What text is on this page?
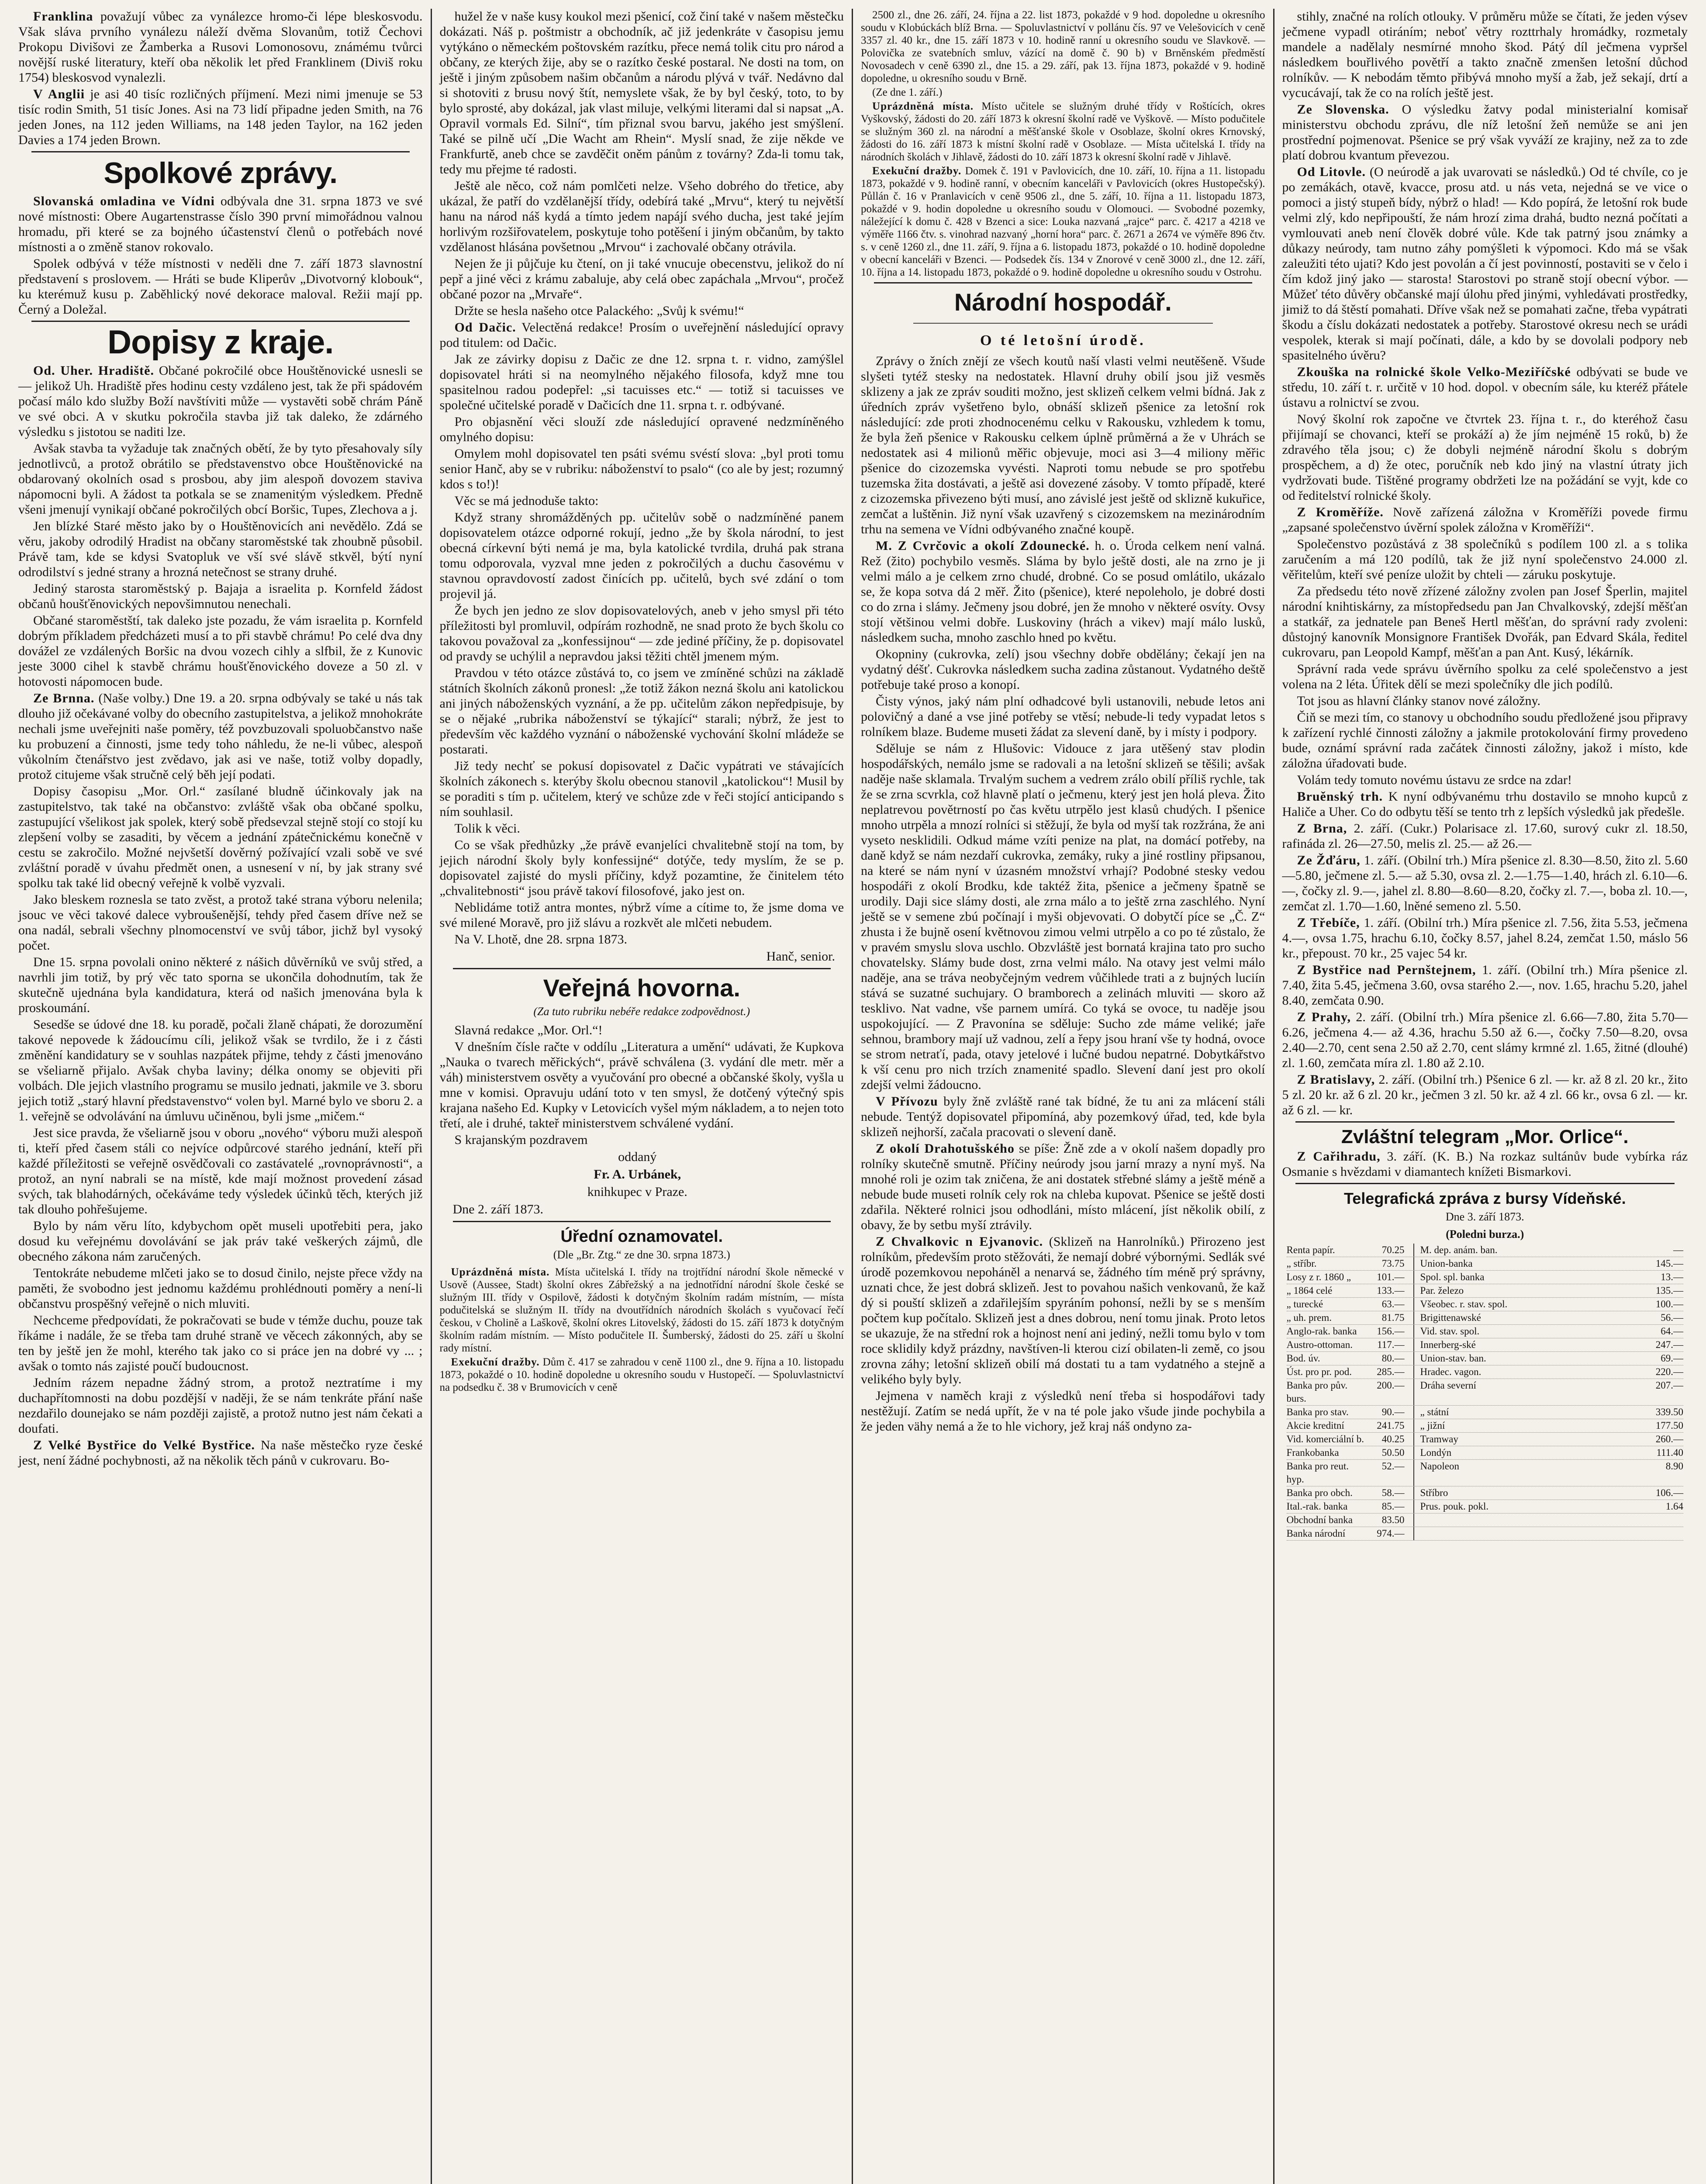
Franklina považují vůbec za vynálezce hromo-či lépe bleskosvodu. Však sláva prvního vynálezu náleží dvěma Slovanům, totiž Čechovi Prokopu Divišovi ze Žamberka a Rusovi Lomonosovu, známému tvůrci novější ruské literatury, kteří oba několik let před Franklinem (Diviš roku 1754) bleskosvod vynalezli.

V Anglii je asi 40 tisíc rozličných příjmení. Mezi nimi jmenuje se 53 tisíc rodin Smith, 51 tisíc Jones. Asi na 73 lidí připadne jeden Smith, na 76 jeden Jones, na 112 jeden Williams, na 148 jeden Taylor, na 162 jeden Davies a 174 jeden Brown.

Spolkové zprávy.

Slovanská omladina ve Vídni odbývala dne 31. srpna 1873 ve své nové místnosti: Obere Augartenstrasse číslo 390 první mimořádnou valnou hromadu, při které se za bojného účastenství členů o potřebách nové místnosti a o změně stanov rokovalo.

Spolek odbývá v téže místnosti v neděli dne 7. září 1873 slavnostní představení s proslovem. — Hráti se bude Kliperův „Divotvorný klobouk“, ku kterémuž kusu p. Zaběhlický nové dekorace maloval. Režii mají pp. Černý a Doležal.

Dopisy z kraje.

Od. Uher. Hradiště. Občané pokročilé obce Houštěnovické usnesli se — jelikož Uh. Hradiště přes hodinu cesty vzdáleno jest, tak že při spádovém počasí málo kdo služby Boží navštíviti může — vystavěti sobě chrám Páně ve své obci. A v skutku pokročila stavba již tak daleko, že zdárného výsledku s jistotou se naditi lze.

Avšak stavba ta vyžaduje tak značných obětí, že by tyto přesahovaly síly jednotlivců, a protož obrátilo se představenstvo obce Houštěnovické na obdarovaný okolních osad s prosbou, aby jim alespoň dovozem staviva nápomocni byli. A žádost ta potkala se se znamenitým výsledkem. Předně všeni jmenují vynikají občané pokročilých obcí Boršic, Tupes, Zlechova a j.

Jen blízké Staré město jako by o Houštěnovicích ani nevědělo. Zdá se věru, jakoby odrodilý Hradist na občany staroměstské tak zhoubně působil. Právě tam, kde se kdysi Svatopluk ve vší své slávě stkvěl, býtí nyní odrodilství s jedné strany a hrozná netečnost se strany druhé.

Jediný starosta staroměstský p. Bajaja a israelita p. Kornfeld žádost občanů houšťěnovických nepovšimnutou nenechali.

Občané staroměstští, tak daleko jste pozadu, že vám israelita p. Kornfeld dobrým příkladem předcházeti musí a to při stavbě chrámu! Po celé dva dny dovážel ze vzdálených Boršic na dvou vozech cihly a slfbil, že z Kunovic jeste 3000 cihel k stavbě chrámu houšťěnovického doveze a 50 zl. v hotovosti nápomocen bude.

Ze Brnna. (Naše volby.) Dne 19. a 20. srpna odbývaly se také u nás tak dlouho již očekávané volby do obecního zastupitelstva, a jelikož mnohokráte nechali jsme uveřejniti naše poměry, též povzbuzovali spoluobčanstvo naše ku probuzení a činnosti, jsme tedy toho náhledu, že ne-li vůbec, alespoň vůkolním čtenářstvo jest zvědavo, jak asi ve naše, totiž volby dopadly, protož citujeme však stručně celý běh její podati.

Dopisy časopisu „Mor. Orl.“ zasílané bludně účinkovaly jak na zastupitelstvo, tak také na občanstvo: zvláště však oba občané spolku, zastupující všelikost jak spolek, který sobě předsevzal stejně stojí co stojí ku zlepšení volby se zasaditi, by věcem a jednání zpátečnickému konečně v cestu se zakročilo. Možné nejvšetší dověrný požívající vzali sobě ve své zvláštní poradě v úvahu předmět onen, a usnesení v ní, by jak strany své spolku tak také lid obecný veřejně k volbě vyzvali.

Jako bleskem roznesla se tato zvěst, a protož také strana výboru nelenila; jsouc ve věci takové dalece vybroušenější, tehdy před časem dříve než se ona nadál, sebrali všechny plnomocenství ve svůj tábor, jichž byl vysoký počet.

Dne 15. srpna povolali onino některé z nášich důvěrníků ve svůj střed, a navrhli jim totiž, by prý věc tato sporna se ukončila dohodnutím, tak že skutečně ujednána byla kandidatura, která od našich jmenována byla k proskoumání.

Sesedše se údové dne 18. ku poradě, počali žlaně chápati, že dorozumění takové nepovede k žádoucímu cíli, jelikož však se tvrdilo, že i z části změnění kandidatury se v souhlas nazpátek přijme, tehdy z části jmenováno se všeliarně přijalo. Avšak chyba laviny; délka onomy se objeviti při volbách. Dle jejich vlastního programu se musilo jednati, jakmile ve 3. sboru jejich totiž „starý hlavní představenstvo“ volen byl. Marné bylo ve sboru 2. a 1. veřejně se odvolávání na úmluvu učiněnou, byli jsme „mičem.“

Jest sice pravda, že všeliarně jsou v oboru „nového“ výboru muži alespoň ti, kteří před časem stáli co nejvíce odpůrcové starého jednání, kteří při každé příležitosti se veřejně osvědčovali co zastávatelé „rovnoprávnosti“, a protož, an nyní nabrali se na místě, kde mají možnost provedení zásad svých, tak blahodárných, očekáváme tedy výsledek účinků těch, kterých již tak dlouho pohřešujeme.

Bylo by nám věru líto, kdybychom opět museli upotřebiti pera, jako dosud ku veřejnému dovolávání se jak práv také veškerých zájmů, dle obecného zákona nám zaručených.

Tentokráte nebudeme mlčeti jako se to dosud činilo, nejste přece vždy na paměti, že svobodno jest jednomu každému prohlédnouti poměry a není-li občanstvu prospěšný veřejně o nich mluviti.

Nechceme předpovídati, že pokračovati se bude v témže duchu, pouze tak říkáme i nadále, že se třeba tam druhé straně ve věcech zákonných, aby se ten by ještě jen že mohl, kterého tak jako co si práce jen na dobré vy ... ; avšak o tomto nás zajisté poučí budoucnost.

Jedním rázem nepadne žádný strom, a protož neztratíme i my duchapřítomnosti na dobu pozdější v naději, že se nám tenkráte přání naše nezdařilo dounejako se nám později zajistě, a protož nutno jest nám čekati a doufati.

Z Velké Bystřice do Velké Bystřice. Na naše městečko ryze české jest, není žádné pochybnosti, až na několik těch pánů v cukrovaru. Bo-

hužel že v naše kusy koukol mezi pšenicí, což činí také v našem městečku dokázati. Náš p. poštmistr a obchodník, ač již jedenkráte v časopisu jemu vytýkáno o německém poštovském razítku, přece nemá tolik citu pro národ a občany, ze kterých žije, aby se o razítko české postaral. Ne dosti na tom, on ještě i jiným způsobem našim občanům a národu plývá v tvář. Nedávno dal si shotoviti z brusu nový štít, nemyslete však, že by byl český, toto, to by bylo sprosté, aby dokázal, jak vlast miluje, velkými literami dal si napsat „A. Opravil vormals Ed. Silní“, tím přiznal svou barvu, jakého jest smýšlení. Také se pilně učí „Die Wacht am Rhein“. Myslí snad, že zije někde ve Frankfurtě, aneb chce se zavděčit oněm pánům z továrny? Zda-li tomu tak, tedy mu přejme té radosti.

Ještě ale něco, což nám pomlčeti nelze. Všeho dobrého do třetice, aby ukázal, že patří do vzdělanější třídy, odebírá také „Mrvu“, který tu největší hanu na národ náš kydá a tímto jedem napájí svého ducha, jest také jejím horlivým rozšiřovatelem, poskytuje toho potěšení i jiným občanům, by takto vzdělanost hlásána povšetnou „Mrvou“ i zachovalé občany otrávila.

Nejen že ji půjčuje ku čtení, on ji také vnucuje obecenstvu, jelikož do ní pepř a jiné věci z krámu zabaluje, aby celá obec zapáchala „Mrvou“, pročež občané pozor na „Mrvaře“.

Držte se hesla našeho otce Palackého: „Svůj k svému!“

Od Dačic. Velectěná redakce! Prosím o uveřejnění následující opravy pod titulem: od Dačic.

Jak ze závirky dopisu z Dačic ze dne 12. srpna t. r. vidno, zamýšlel dopisovatel hráti si na neomylného nějakého filosofa, když mne tou spasitelnou radou podepřel: „si tacuisses etc.“ — totiž si tacuisses ve společné učitelské poradě v Dačicích dne 11. srpna t. r. odbývané.

Pro objasnění věci slouží zde následující opravené nedzmíněného omylného dopisu:

Omylem mohl dopisovatel ten psáti svému svéstí slova: „byl proti tomu senior Hanč, aby se v rubriku: náboženství to psalo“ (co ale by jest; rozumný kdos s to!)!

Věc se má jednoduše takto:

Když strany shromážděných pp. učitelův sobě o nadzmíněné panem dopisovatelem otázce odporné rokují, jedno „že by škola národní, to jest obecná církevní býti nemá je ma, byla katolické tvrdila, druhá pak strana tomu odporovala, vyzval mne jeden z pokročilých a duchu časovému v stavnou opravdovostí zadost činících pp. učitelů, bych své zdání o tom projevil já.

Že bych jen jedno ze slov dopisovatelových, aneb v jeho smysl při této příležitosti byl promluvil, odpírám rozhodně, ne snad proto že bych školu co takovou považoval za „konfessijnou“ — zde jediné příčiny, že p. dopisovatel od pravdy se uchýlil a nepravdou jaksi těžiti chtěl jmenem mým.

Pravdou v této otázce zůstává to, co jsem ve zmíněné schůzi na základě státních školních zákonů pronesl: „že totiž žákon nezná školu ani katolickou ani jiných náboženských vyznání, a že pp. učitelům zákon nepředpisuje, by se o nějaké „rubrika náboženství se týkající“ starali; nýbrž, že jest to především věc každého vyznání o náboženské vychování školní mládeže se postarati.

Již tedy nechť se pokusí dopisovatel z Dačic vypátrati ve stávajících školních zákonech s. kterýby školu obecnou stanovil „katolickou“! Musil by se poraditi s tím p. učitelem, který ve schůze zde v řeči stojící anticipando s ním souhlasil.

Tolik k věci.

Co se však předhůzky „že právě evanjelíci chvalitebně stojí na tom, by jejich národní školy byly konfessijné“ dotýče, tedy myslím, že se p. dopisovatel zajisté do mysli příčiny, když pozamtine, že činitelem této „chvalitebnosti“ jsou právě takoví filosofové, jako jest on.

Neblidáme totiž antra montes, nýbrž víme a cítime to, že jsme doma ve své milené Moravě, pro již slávu a rozkvět ale mlčeti nebudem.

Na V. Lhotě, dne 28. srpna 1873.

Hanč, senior.
Veřejná hovorna.
(Za tuto rubriku nebéře redakce zodpovědnost.)

Slavná redakce „Mor. Orl.“!

V dnešním čísle račte v oddílu „Literatura a umění“ udávati, že Kupkova „Nauka o tvarech měřických“, právě schválena (3. vydání dle metr. měr a váh) ministerstvem osvěty a vyučování pro obecné a občanské školy, vyšla u mne v komisi. Opravuju udání toto v ten smysl, že dotčený výtečný spis krajana našeho Ed. Kupky v Letovicích vyšel mým nákladem, a to nejen toto třetí, ale i druhé, takteř ministerstvem schválené vydání.

S krajanským pozdravem

oddaný
Fr. A. Urbánek,
knihkupec v Praze.
Dne 2. září 1873.
Úřední oznamovatel.
(Dle „Br. Ztg.“ ze dne 30. srpna 1873.)

Uprázdněná místa. Místa učitelská I. třídy na trojtřídní národní škole německé v Usově (Aussee, Stadt) školní okres Zábřežský a na jednotřídní národní škole české se služným III. třídy v Ospilově, žádosti k dotyčným školním radám místním, — místa podučitelská se služným II. třídy na dvoutřídních národních školách s vyučovací řečí českou, v Cholině a Laškově, školní okres Litovelský, žádosti do 15. září 1873 k dotyčným školním radám místním. — Místo podučitele II. Šumberský, žádosti do 25. září u školní rady místní.

Exekuční dražby. Dům č. 417 se zahradou v ceně 1100 zl., dne 9. října a 10. listopadu 1873, pokaždé o 10. hodině dopoledne u okresního soudu v Hustopečí. — Spoluvlastnictví na podsedku č. 38 v Brumovicích v ceně

2500 zl., dne 26. září, 24. října a 22. list 1873, pokaždé v 9 hod. dopoledne u okresního soudu v Klobúckách blíž Brna. — Spoluvlastnictví v pollánu čís. 97 ve Velešovicích v ceně 3357 zl. 40 kr., dne 15. září 1873 v 10. hodině ranní u okresního soudu ve Slavkově. — Polovička ze svatebních smluv, vázící na domě č. 90 b) v Brněnském předměstí Novosadech v ceně 6390 zl., dne 15. a 29. září, pak 13. října 1873, pokaždé v 9. hodině dopoledne, u okresního soudu v Brně.

(Ze dne 1. září.)

Uprázdněná místa. Místo učitele se služným druhé třídy v Roštících, okres Vyškovský, žádosti do 20. září 1873 k okresní školní radě ve Vyškově. — Místo podučitele se služným 360 zl. na národní a měšťanské škole v Osoblaze, školní okres Krnovský, žádosti do 16. září 1873 k místní školní radě v Osoblaze. — Místa učitelská I. třídy na národních školách v Jihlavě, žádosti do 10. září 1873 k okresní školní radě v Jihlavě.

Exekuční dražby. Domek č. 191 v Pavlovicích, dne 10. září, 10. října a 11. listopadu 1873, pokaždé v 9. hodině ranní, v obecním kanceláři v Pavlovicích (okres Hustopečský). Půllán č. 16 v Pranlavicích v ceně 9506 zl., dne 5. září, 10. října a 11. listopadu 1873, pokaždé v 9. hodin dopoledne u okresního soudu v Olomouci. — Svobodné pozemky, náležející k domu č. 428 v Bzenci a sice: Louka nazvaná „rajce“ parc. č. 4217 a 4218 ve výměře 1166 čtv. s. vinohrad nazvaný „horní hora“ parc. č. 2671 a 2674 ve výměře 896 čtv. s. v ceně 1260 zl., dne 11. září, 9. října a 6. listopadu 1873, pokaždé o 10. hodině dopoledne v obecní kanceláři v Bzenci. — Podsedek čís. 134 v Znorové v ceně 3000 zl., dne 12. září, 10. října a 14. listopadu 1873, pokaždé o 9. hodině dopoledne u okresního soudu v Ostrohu.

Národní hospodář.
O té letošní úrodě.

Zprávy o žních znějí ze všech koutů naší vlasti velmi neutěšeně. Všude slyšeti tytéž stesky na nedostatek. Hlavní druhy obilí jsou již vesměs sklizeny a jak ze zpráv souditi možno, jest sklizeň celkem velmi bídná. Jak z úředních zpráv vyšetřeno bylo, obnáší sklizeň pšenice za letošní rok následující: zde proti zhodnocenému celku v Rakousku, vzhledem k tomu, že byla žeň pšenice v Rakousku celkem úplně průměrná a že v Uhrách se nedostatek asi 4 milionů měřic objevuje, moci asi 3—4 miliony měřic pšenice do cizozemska vyvésti. Naproti tomu nebude se pro spotřebu tuzemska žita dostávati, a ještě asi dovezené zásoby. V tomto případě, které z cizozemska přivezeno býti musí, ano závislé jest ještě od sklizně kukuřice, zemčat a luštěnin. Již nyní však uzavřený s cizozemskem na mezinárodním trhu na semena ve Vídni odbývaného značné koupě.

M. Z Cvrčovic a okolí Zdounecké. h. o. Úroda celkem není valná. Rež (žito) pochybilo vesměs. Sláma by bylo ještě dosti, ale na zrno je ji velmi málo a je celkem zrno chudé, drobné. Co se posud omlátilo, ukázalo se, že kopa sotva dá 2 měř. Žito (pšenice), které nepoleholo, je dobré dosti co do zrna i slámy. Ječmeny jsou dobré, jen že mnoho v některé osvíty. Ovsy stojí většinou velmi dobře. Luskoviny (hrách a vikev) mají málo lusků, následkem sucha, mnoho zaschlo hned po květu.

Okopniny (cukrovka, zelí) jsou všechny dobře obdělány; čekají jen na vydatný déšť. Cukrovka následkem sucha zadina zůstanout. Vydatného deště potřebuje také proso a konopí.

Čisty výnos, jaký nám plní odhadcové byli ustanovili, nebude letos ani polovičný a dané a vse jiné potřeby se vtěsí; nebude-li tedy vypadat letos s rolníkem blaze. Budeme museti žádat za slevení daně, by i místy i podpory.

Sděluje se nám z Hlušovic: Vidouce z jara utěšený stav plodin hospodářských, nemálo jsme se radovali a na letošní sklizeň se těšili; avšak naděje naše sklamala. Trvalým suchem a vedrem zrálo obilí příliš rychle, tak že se zrna scvrkla, což hlavně platí o ječmenu, který jest jen holá pleva. Žito neplatrevou povětrností po čas květu utrpělo jest klasů chudých. I pšenice mnoho utrpěla a mnozí rolníci si stěžují, že byla od myší tak rozžrána, že ani vyseto nesklidili. Odkud máme vzíti penize na plat, na domácí potřeby, na daně když se nám nezdaří cukrovka, zemáky, ruky a jiné rostliny připsanou, na které se nám nyní v úzasném množství vrhají? Podobné stesky vedou hospodáři z okolí Brodku, kde taktéž žita, pšenice a ječmeny špatně se urodily. Daji sice slámy dosti, ale zrna málo a to ještě zrna zaschlého. Nyní ještě se v semene zbú počínají i myši objevovati. O dobytčí píce se „Č. Z“ zhusta i že bujně osení květnovou zimou velmi utrpělo a co po té zůstalo, že v pravém smyslu slova uschlo. Obzvláště jest bornatá krajina tato pro sucho chovatelsky. Slámy bude dost, zrna velmi málo. Na otavy jest velmi málo naděje, ana se tráva neobyčejným vedrem vůčihlede trati a z bujných luciín stává se suzatné suchujary. O bramborech a zelinách mluviti — skoro až tesklivo. Nat vadne, vše parnem umírá. Co tyká se ovoce, tu naděje jsou uspokojující. — Z Pravonína se sděluje: Sucho zde máme veliké; jaře sehnou, brambory mají už vadnou, zelí a řepy jsou hraní vše ty hodná, ovoce se strom netraťí, pada, otavy jetelové i lučné budou nepatrné. Dobytkářstvo k vší cenu pro nich trzích znamenité spadlo. Slevení daní jest pro okolí zdejší velmi žádoucno.

V Přívozu byly žně zvláště rané tak bídné, že tu ani za mlácení stáli nebude. Tentýž dopisovatel připomíná, aby pozemkový úřad, ted, kde byla sklizeň nejhorší, začala pracovati o slevení daně.

Z okolí Drahotušského se píše: Žně zde a v okolí našem dopadly pro rolníky skutečně smutně. Příčiny neúrody jsou jarní mrazy a nyní myš. Na mnohé roli je ozim tak zničena, že ani dostatek střebné slámy a ještě méně a nebude bude museti rolník cely rok na chleba kupovat. Pšenice se ještě dosti zdařila. Některé rolnici jsou odhodláni, místo mlácení, jíst několik obilí, z obavy, že by setbu myší ztrávily.

Z Chvalkovic n Ejvanovic. (Sklizeň na Hanrolníků.) Přirozeno jest rolníkům, především proto stěžováti, že nemají dobré výbornými. Sedlák své úrodě pozemkovou nepoháněl a nenarvá se, žádného tím méně prý správny, uznati chce, že jest dobrá sklizeň. Jest to povahou našich venkovanů, že kaž dý si pouští sklizeň a zdařilejším spyráním pohonsí, nežli by se s menším počtem kup počítalo. Sklizeň jest a dnes dobrou, není tomu jinak. Proto letos se ukazuje, že na střední rok a hojnost není ani jediný, nežli tomu bylo v tom roce sklidily když prázdny, navštíven-li kterou cizí obilaten-li země, co jsou zrovna záhy; letošní sklizeň obilí má dostati tu a tam vydatného a stejně a velikého byly byly.

Jejmena v naměch kraji z výsledků není třeba si hospodářovi tady nestěžují. Zatím se nedá upřít, že v na té pole jako všude jinde pochybila a že jeden vähy nemá a že to hle vichory, jež kraj náš ondyno za-

stihly, značné na rolích otlouky. V průměru může se čítati, že jeden výsev ječmene vypadl otiráním; neboť větry rozttrhaly hromádky, rozmetaly mandele a nadělaly nesmírné mnoho škod. Pátý díl ječmena vypršel následkem bouřlivého povětří a takto značně zmenšen letošní důchod rolníkův. — K nebodám těmto přibývá mnoho myší a žab, jež sekají, drtí a vycucávají, tak že co na rolích ještě jest.

Ze Slovenska. O výsledku žatvy podal ministerialní komisař ministerstvu obchodu zprávu, dle níž letošní žeň nemůže se ani jen prostřední pojmenovat. Pšenice se prý však vyváží ze krajiny, než za to zde platí dobrou kvantum převezou.

Od Litovle. (O neúrodě a jak uvarovati se následků.) Od té chvíle, co je po zemákách, otavě, kvacce, prosu atd. u nás veta, nejedná se ve vice o pomoci a jistý stupeň bídy, nýbrž o hlad! — Kdo popírá, že letošní rok bude velmi zlý, kdo nepřipouští, že nám hrozí zima drahá, budto nezná počítati a vymlouvati aneb není člověk dobré vůle. Kde tak patrný jsou známky a důkazy neúrody, tam nutno záhy pomýšleti k výpomoci. Kdo má se však zaleužiti této ujati? Kdo jest povolán a čí jest povinností, postaviti se v čelo i čím kdož jiný jako — starosta! Starostovi po straně stojí obecní výbor. — Můžeť této důvěry občanské mají úlohu před jinými, vyhledávati prostředky, jimiž to dá štěstí pomahati. Dříve však než se pomahati začne, třeba vypátrati škodu a číslu dokázati nedostatek a potřeby. Starostové okresu nech se urádi vespolek, kterak si mají počínati, dále, a kdo by se dovolali podpory neb spasitelného úvěru?

Zkouška na rolnické škole Velko-Meziříčské odbývati se bude ve středu, 10. září t. r. určitě v 10 hod. dopol. v obecním sále, ku kteréž přátele ústavu a rolnictví se zvou.

Nový školní rok započne ve čtvrtek 23. října t. r., do kteréhož času přijímají se chovanci, kteří se prokáží a) že jím nejméně 15 roků, b) že zdravého těla jsou; c) že dobyli nejméně národní školu s dobrým prospěchem, a d) že otec, poručník neb kdo jiný na vlastní útraty jich vydržovati bude. Tištěné programy obdržeti lze na požádání se vyjt, kde co od ředitelství rolnické školy.

Z Kroměříže. Nově zařízená záložna v Kroměříži povede firmu „zapsané společenstvo úvěrní spolek záložna v Kroměříži“.

Společenstvo pozůstává z 38 společníků s podílem 100 zl. a s tolika zaručením a má 120 podílů, tak že již nyní společenstvo 24.000 zl. věřitelům, kteří své peníze uložit by chteli — záruku poskytuje.

Za předsedu této nově zřízené záložny zvolen pan Josef Šperlin, majitel národní knihtiskárny, za místopředsedu pan Jan Chvalkovský, zdejší měšťan a statkář, za jednatele pan Beneš Hertl měšťan, do správní rady zvoleni: důstojný kanovník Monsignore František Dvořák, pan Edvard Skála, ředitel cukrovaru, pan Leopold Kampf, měšťan a pan Ant. Kusý, lékárník.

Správní rada vede správu úvěrního spolku za celé společenstvo a jest volena na 2 léta. Úřitek dělí se mezi společníky dle jich podílů.

Tot jsou as hlavní články stanov nové záložny.

Čiň se mezi tím, co stanovy u obchodního soudu předložené jsou připravy k zařízení rychlé činnosti záložny a jakmile protokolování firmy provedeno bude, oznámí správní rada začátek činnosti záložny, jakož i místo, kde záložna úřadovati bude.

Volám tedy tomuto novému ústavu ze srdce na zdar!

Bruěnský trh. K nyní odbývanému trhu dostavilo se mnoho kupců z Haliče a Uher. Co do odbytu těší se tento trh z lepších výsledků jak předešle.

Z Brna, 2. září. (Cukr.) Polarisace zl. 17.60, surový cukr zl. 18.50, rafináda zl. 26—27.50, melis zl. 25.— až 26.—

Ze Žďáru, 1. září. (Obilní trh.) Míra pšenice zl. 8.30—8.50, žito zl. 5.60—5.80, ječmene zl. 5.— až 5.30, ovsa zl. 2.—1.75—1.40, hrách zl. 6.10—6.—, čočky zl. 9.—, jahel zl. 8.80—8.60—8.20, čočky zl. 7.—, boba zl. 10.—, zemčat zl. 1.70—1.60, lněné semeno zl. 5.50.

Z Třebíče, 1. září. (Obilní trh.) Míra pšenice zl. 7.56, žita 5.53, ječmena 4.—, ovsa 1.75, hrachu 6.10, čočky 8.57, jahel 8.24, zemčat 1.50, máslo 56 kr., přepoust. 70 kr., 25 vajec 54 kr.

Z Bystřice nad Pernštejnem, 1. září. (Obilní trh.) Míra pšenice zl. 7.40, žita 5.45, ječmena 3.60, ovsa starého 2.—, nov. 1.65, hrachu 5.20, jahel 8.40, zemčata 0.90.

Z Prahy, 2. září. (Obilní trh.) Míra pšenice zl. 6.66—7.80, žita 5.70—6.26, ječmena 4.— až 4.36, hrachu 5.50 až 6.—, čočky 7.50—8.20, ovsa 2.40—2.70, cent sena 2.50 až 2.70, cent slámy krmné zl. 1.65, žitné (dlouhé) zl. 1.60, zemčata míra zl. 1.80 až 2.10.

Z Bratislavy, 2. září. (Obilní trh.) Pšenice 6 zl. — kr. až 8 zl. 20 kr., žito 5 zl. 20 kr. až 6 zl. 20 kr., ječmen 3 zl. 50 kr. až 4 zl. 66 kr., ovsa 6 zl. — kr. až 6 zl. — kr.

Zvláštní telegram „Mor. Orlice“.

Z Cařihradu, 3. září. (K. B.) Na rozkaz sultánův bude vybírka ráz Osmanie s hvězdami v diamantech knížeti Bismarkovi.

Telegrafická zpráva z bursy Vídeňské.
Dne 3. září 1873.
(Poledni burza.)
Renta papír.	70.25	M. dep. anám. ban.	—
„ stříbr.	73.75	Union-banka	145.—
Losy z r. 1860 „	101.—	Spol. spl. banka	13.—
„ 1864 celé	133.—	Par. železo	135.—
„ turecké	63.—	Všeobec. r. stav. spol.	100.—
„ uh. prem.	81.75	Brigittenawské	56.—
Anglo-rak. banka	156.—	Vid. stav. spol.	64.—
Austro-ottoman.	117.—	Innerberg-ské	247.—
Bod. úv.	80.—	Union-stav. ban.	69.—
Úst. pro pr. pod.	285.—	Hradec. vagon.	220.—
Banka pro pův. burs.
200.—	Dráha severní	207.—
Banka pro stav.	90.—	„ státní	339.50
Akcie kreditní	241.75	„ jižní	177.50
Vid. komerciální b.	40.25	Tramway	260.—
Frankobanka	50.50	Londýn	111.40
Banka pro reut. hyp.
52.—	Napoleon	8.90
Banka pro obch.	58.—	Stříbro	106.—
Ital.-rak. banka	85.—	Prus. pouk. pokl.	1.64
Obchodní banka	83.50
Banka národní	974.—
